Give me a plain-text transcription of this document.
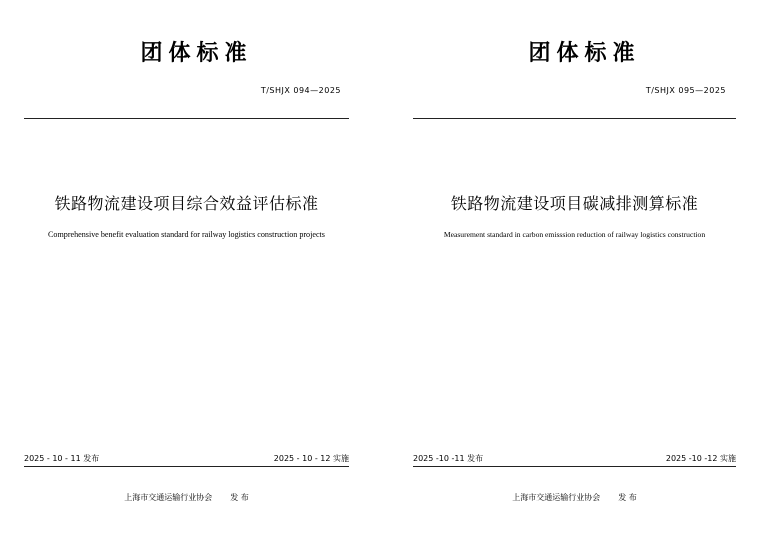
团体标准
T/SHJX 094—2025
铁路物流建设项目综合效益评估标准
Comprehensive benefit evaluation standard for railway logistics construction projects
2025 - 10 - 11 发布	2025 - 10 - 12 实施
上海市交通运输行业协会 发 布
团体标准
T/SHJX 095—2025
铁路物流建设项目碳减排测算标准
Measurement standard in carbon emisssion reduction of railway logistics construction
2025 -10 -11 发布	2025 -10 -12 实施
上海市交通运输行业协会 发 布
